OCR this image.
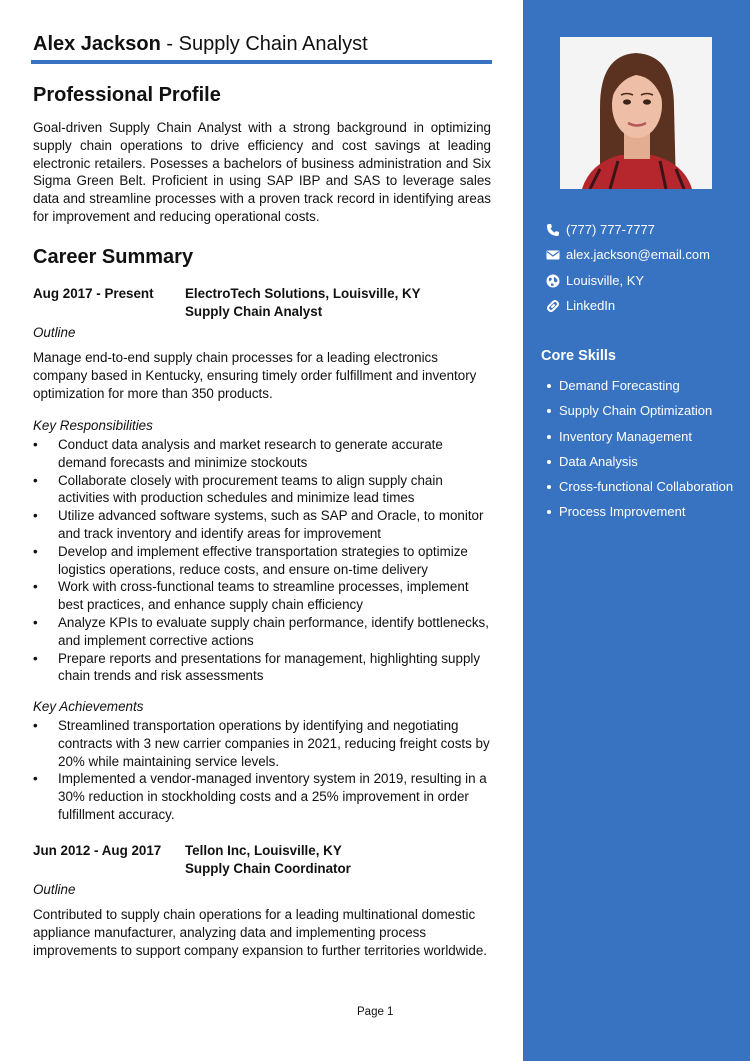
Alex Jackson - Supply Chain Analyst
Professional Profile
Goal-driven Supply Chain Analyst with a strong background in optimizing supply chain operations to drive efficiency and cost savings at leading electronic retailers. Posesses a bachelors of business administration and Six Sigma Green Belt. Proficient in using SAP IBP and SAS to leverage sales data and streamline processes with a proven track record in identifying areas for improvement and reducing operational costs.
Career Summary
Aug 2017 - Present ElectroTech Solutions, Louisville, KY
Supply Chain Analyst
Outline
Manage end-to-end supply chain processes for a leading electronics company based in Kentucky, ensuring timely order fulfillment and inventory optimization for more than 350 products.
Key Responsibilities
• Conduct data analysis and market research to generate accurate demand forecasts and minimize stockouts
• Collaborate closely with procurement teams to align supply chain activities with production schedules and minimize lead times
• Utilize advanced software systems, such as SAP and Oracle, to monitor and track inventory and identify areas for improvement
• Develop and implement effective transportation strategies to optimize logistics operations, reduce costs, and ensure on-time delivery
• Work with cross-functional teams to streamline processes, implement best practices, and enhance supply chain efficiency
• Analyze KPIs to evaluate supply chain performance, identify bottlenecks, and implement corrective actions
• Prepare reports and presentations for management, highlighting supply chain trends and risk assessments
Key Achievements
• Streamlined transportation operations by identifying and negotiating contracts with 3 new carrier companies in 2021, reducing freight costs by 20% while maintaining service levels.
• Implemented a vendor-managed inventory system in 2019, resulting in a 30% reduction in stockholding costs and a 25% improvement in order fulfillment accuracy.
Jun 2012 - Aug 2017 Tellon Inc, Louisville, KY
Supply Chain Coordinator
Outline
Contributed to supply chain operations for a leading multinational domestic appliance manufacturer, analyzing data and implementing process improvements to support company expansion to further territories worldwide.
Page 1
(777) 777-7777
alex.jackson@email.com
Louisville, KY
LinkedIn
Core Skills
Demand Forecasting
Supply Chain Optimization
Inventory Management
Data Analysis
Cross-functional Collaboration
Process Improvement
